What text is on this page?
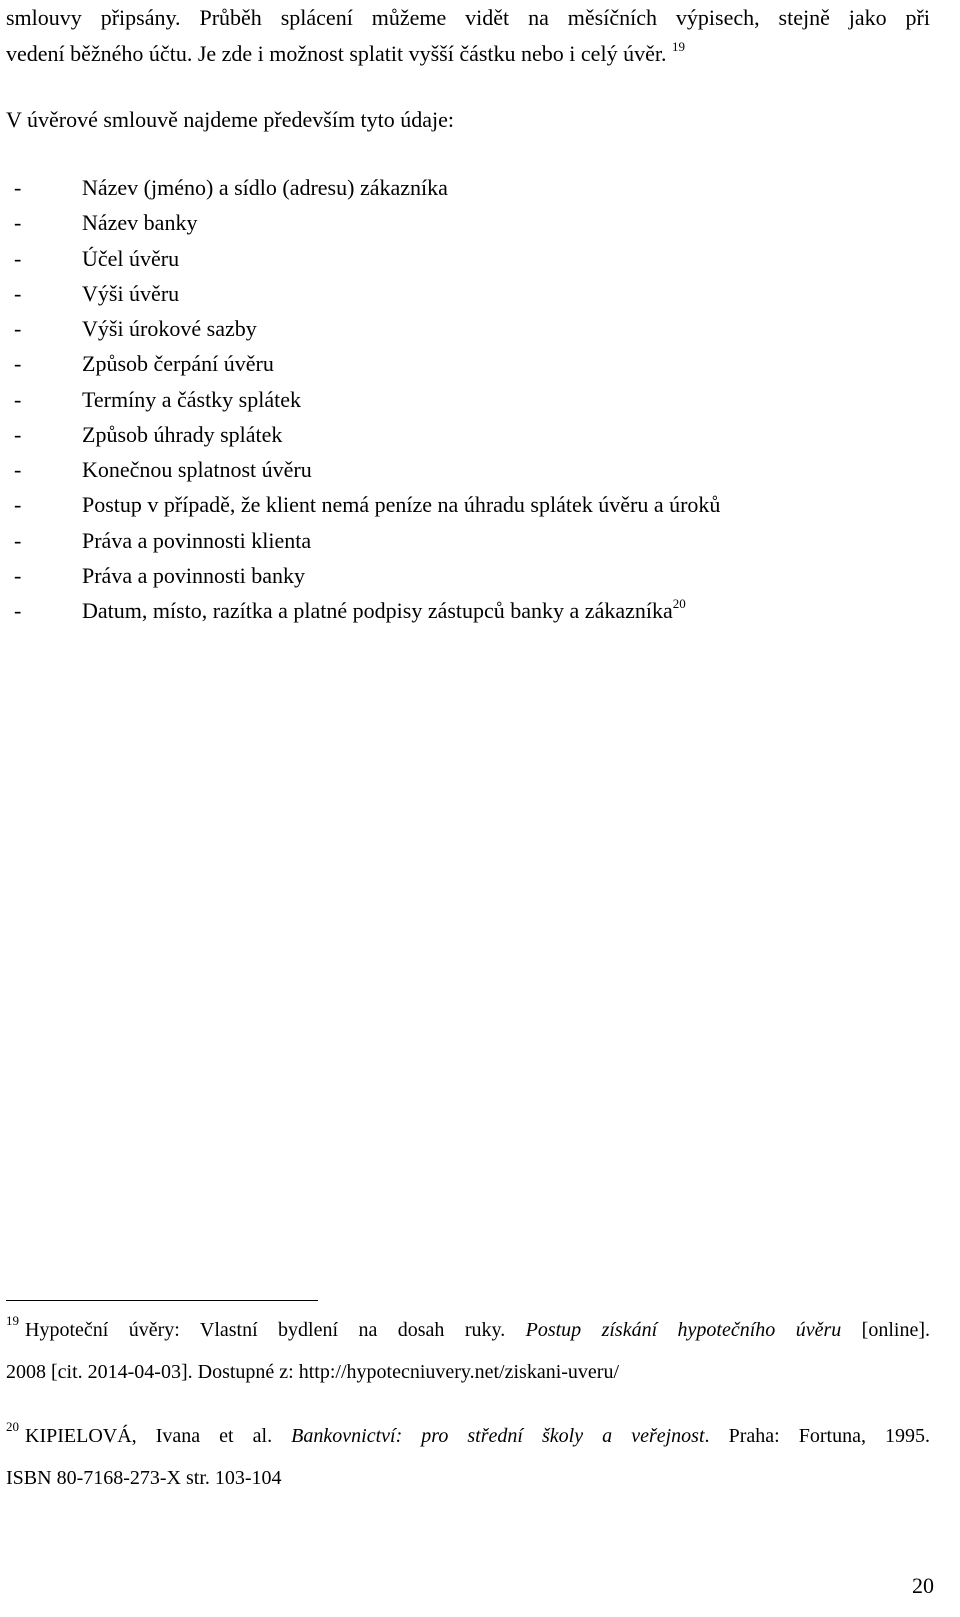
smlouvy připsány. Průběh splácení můžeme vidět na měsíčních výpisech, stejně jako při
vedení běžného účtu. Je zde i možnost splatit vyšší částku nebo i celý úvěr. $^{19}$
V úvěrové smlouvě najdeme především tyto údaje:
-	Název (jméno) a sídlo (adresu) zákazníka
-	Název banky
-	Účel úvěru
-	Výši úvěru
-	Výši úrokové sazby
-	Způsob čerpání úvěru
-	Termíny a částky splátek
-	Způsob úhrady splátek
-	Konečnou splatnost úvěru
-	Postup v případě, že klient nemá peníze na úhradu splátek úvěru a úroků
-	Práva a povinnosti klienta
-	Práva a povinnosti banky
-	Datum, místo, razítka a platné podpisy zástupců banky a zákazníka$^{20}$
$^{19}$ Hypoteční úvěry: Vlastní bydlení na dosah ruky. Postup získání hypotečního úvěru [online].
2008 [cit. 2014-04-03]. Dostupné z: http://hypotecniuvery.net/ziskani-uveru/
$^{20}$ KIPIELOVÁ, Ivana et al. Bankovnictví: pro střední školy a veřejnost. Praha: Fortuna, 1995.
ISBN 80-7168-273-X str. 103-104
20
